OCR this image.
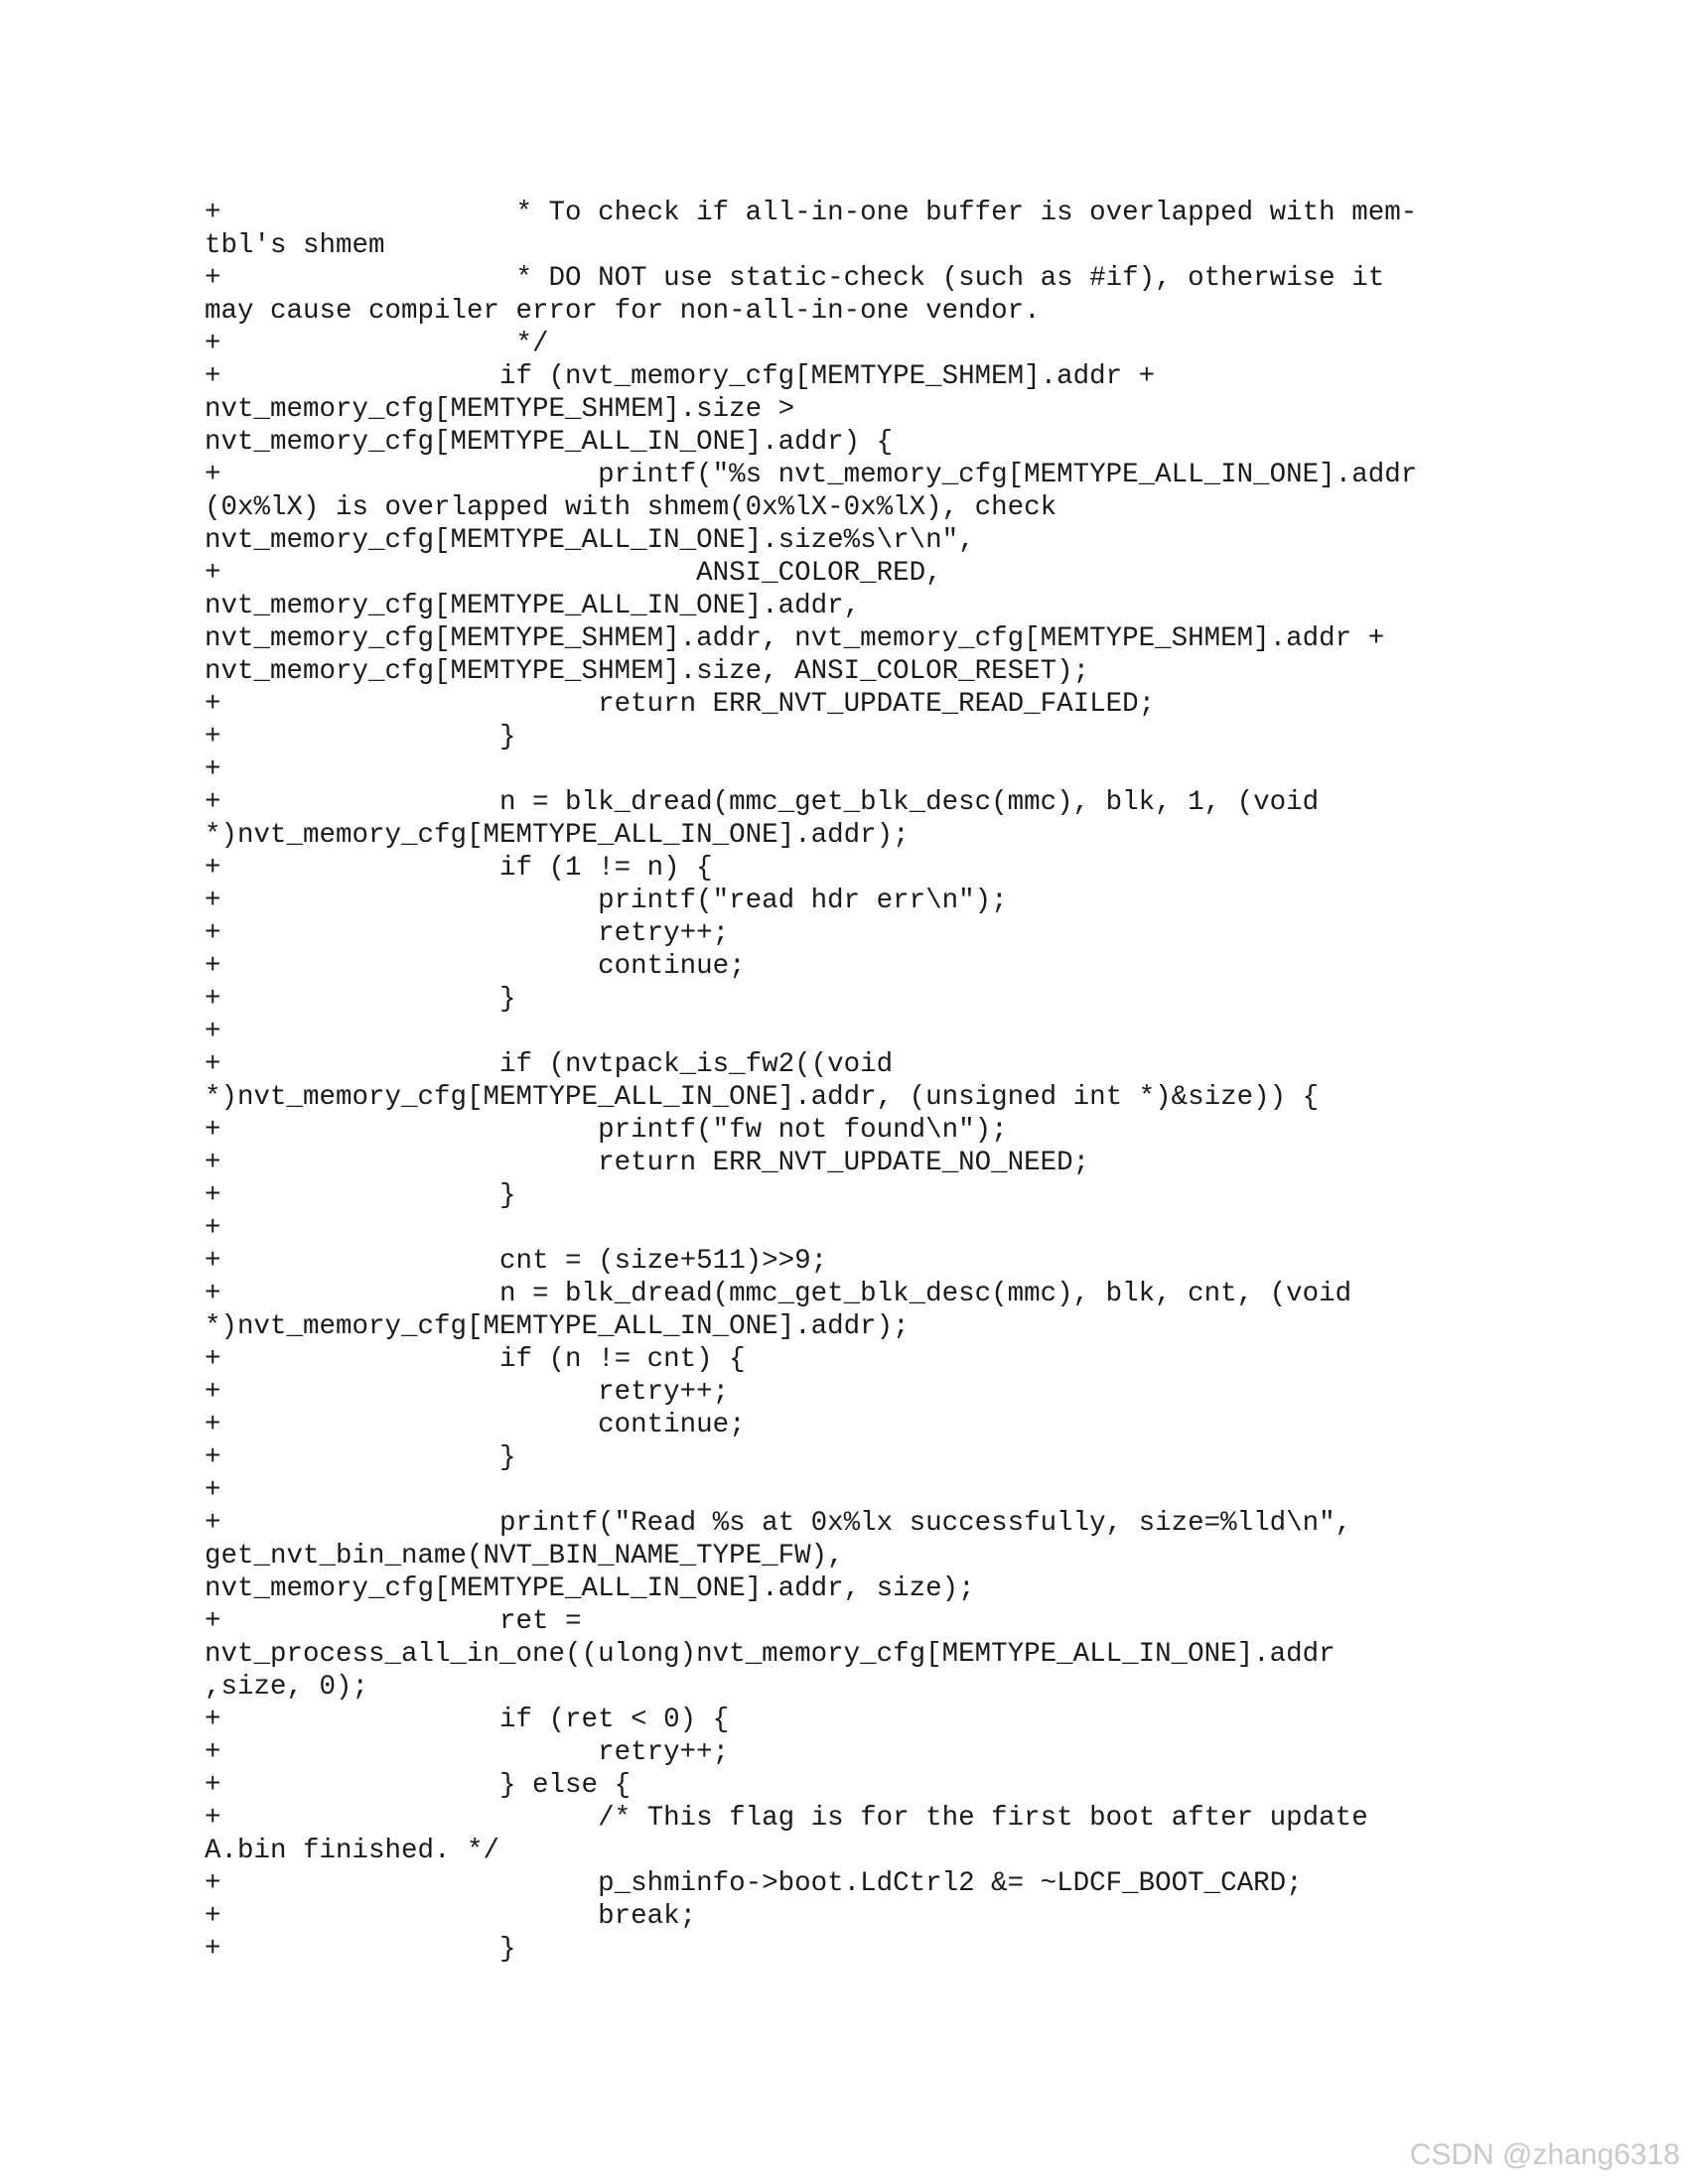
+                  * To check if all-in-one buffer is overlapped with mem-
tbl's shmem
+                  * DO NOT use static-check (such as #if), otherwise it
may cause compiler error for non-all-in-one vendor.
+                  */
+                 if (nvt_memory_cfg[MEMTYPE_SHMEM].addr +
nvt_memory_cfg[MEMTYPE_SHMEM].size >
nvt_memory_cfg[MEMTYPE_ALL_IN_ONE].addr) {
+                       printf("%s nvt_memory_cfg[MEMTYPE_ALL_IN_ONE].addr
(0x%lX) is overlapped with shmem(0x%lX-0x%lX), check
nvt_memory_cfg[MEMTYPE_ALL_IN_ONE].size%s\r\n",
+                             ANSI_COLOR_RED,
nvt_memory_cfg[MEMTYPE_ALL_IN_ONE].addr,
nvt_memory_cfg[MEMTYPE_SHMEM].addr, nvt_memory_cfg[MEMTYPE_SHMEM].addr +
nvt_memory_cfg[MEMTYPE_SHMEM].size, ANSI_COLOR_RESET);
+                       return ERR_NVT_UPDATE_READ_FAILED;
+                 }
+
+                 n = blk_dread(mmc_get_blk_desc(mmc), blk, 1, (void
*)nvt_memory_cfg[MEMTYPE_ALL_IN_ONE].addr);
+                 if (1 != n) {
+                       printf("read hdr err\n");
+                       retry++;
+                       continue;
+                 }
+
+                 if (nvtpack_is_fw2((void
*)nvt_memory_cfg[MEMTYPE_ALL_IN_ONE].addr, (unsigned int *)&size)) {
+                       printf("fw not found\n");
+                       return ERR_NVT_UPDATE_NO_NEED;
+                 }
+
+                 cnt = (size+511)>>9;
+                 n = blk_dread(mmc_get_blk_desc(mmc), blk, cnt, (void
*)nvt_memory_cfg[MEMTYPE_ALL_IN_ONE].addr);
+                 if (n != cnt) {
+                       retry++;
+                       continue;
+                 }
+
+                 printf("Read %s at 0x%lx successfully, size=%lld\n",
get_nvt_bin_name(NVT_BIN_NAME_TYPE_FW),
nvt_memory_cfg[MEMTYPE_ALL_IN_ONE].addr, size);
+                 ret =
nvt_process_all_in_one((ulong)nvt_memory_cfg[MEMTYPE_ALL_IN_ONE].addr
,size, 0);
+                 if (ret < 0) {
+                       retry++;
+                 } else {
+                       /* This flag is for the first boot after update
A.bin finished. */
+                       p_shminfo->boot.LdCtrl2 &= ~LDCF_BOOT_CARD;
+                       break;
+                 }
CSDN @zhang6318
